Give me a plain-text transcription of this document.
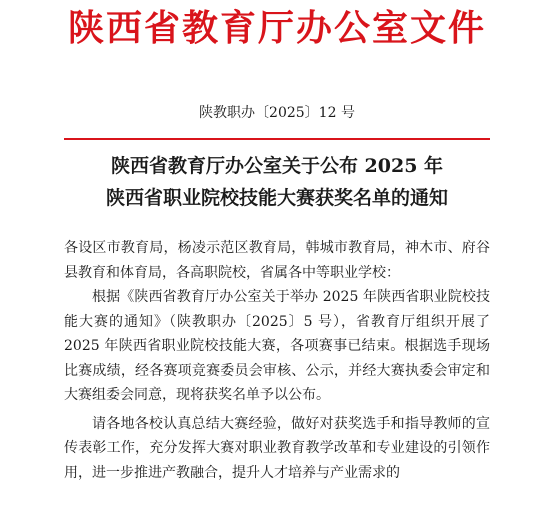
陕西省教育厅办公室文件
陕教职办〔2025〕12 号
陕西省教育厅办公室关于公布 2025 年
陕西省职业院校技能大赛获奖名单的通知

各设区市教育局，杨凌示范区教育局，韩城市教育局，神木市、府谷县教育和体育局，各高职院校，省属各中等职业学校：

根据《陕西省教育厅办公室关于举办 2025 年陕西省职业院校技能大赛的通知》（陕教职办〔2025〕5 号），省教育厅组织开展了 2025 年陕西省职业院校技能大赛，各项赛事已结束。根据选手现场比赛成绩，经各赛项竞赛委员会审核、公示，并经大赛执委会审定和大赛组委会同意，现将获奖名单予以公布。

请各地各校认真总结大赛经验，做好对获奖选手和指导教师的宣传表彰工作，充分发挥大赛对职业教育教学改革和专业建设的引领作用，进一步推进产教融合，提升人才培养与产业需求的
